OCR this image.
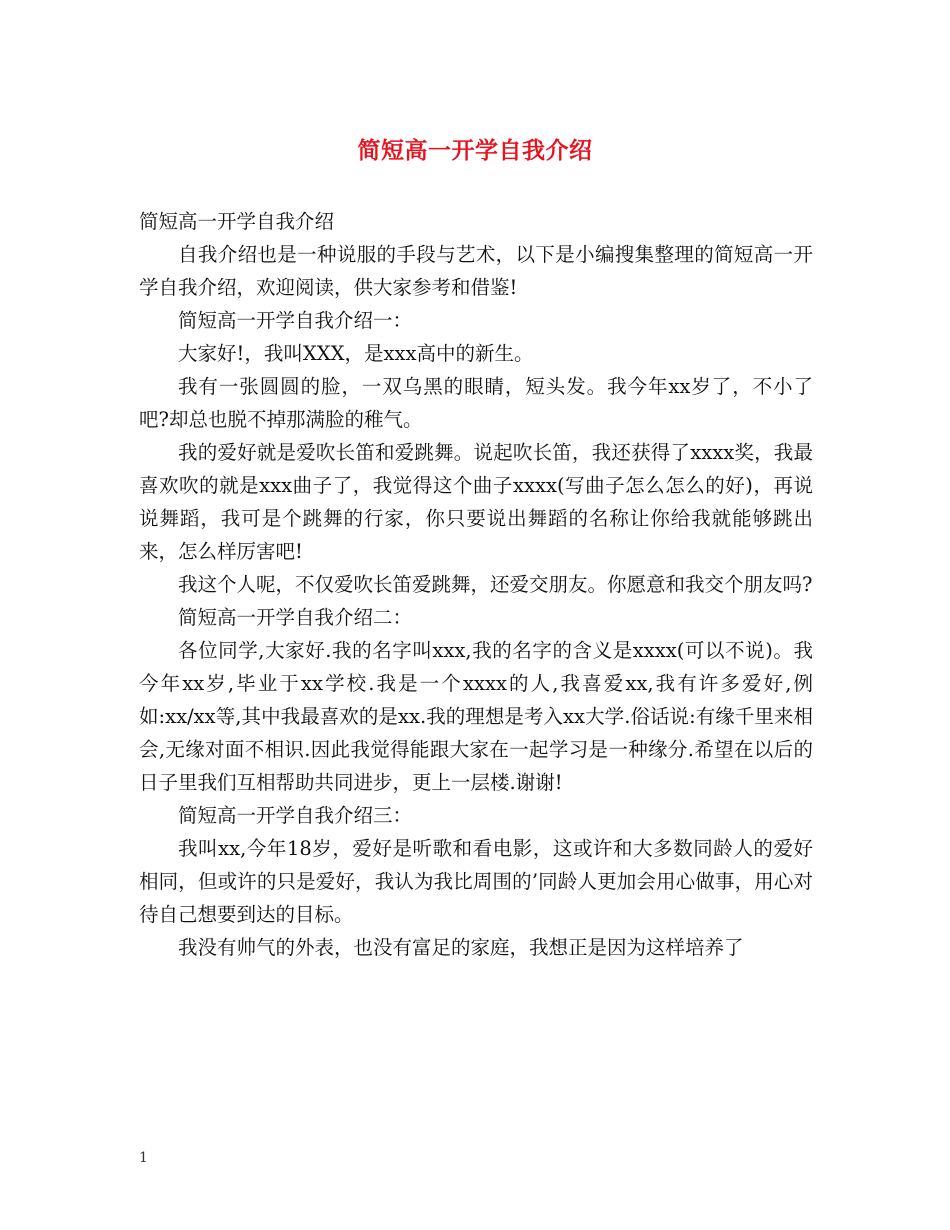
简短高一开学自我介绍

简短高一开学自我介绍

自我介绍也是一种说服的手段与艺术，以下是小编搜集整理的简短高一开学自我介绍，欢迎阅读，供大家参考和借鉴!

简短高一开学自我介绍一：

大家好!，我叫XXX，是xxx高中的新生。

我有一张圆圆的脸，一双乌黑的眼睛，短头发。我今年xx岁了，不小了吧?却总也脱不掉那满脸的稚气。

我的爱好就是爱吹长笛和爱跳舞。说起吹长笛，我还获得了xxxx奖，我最喜欢吹的就是xxx曲子了，我觉得这个曲子xxxx(写曲子怎么怎么的好)，再说说舞蹈，我可是个跳舞的行家，你只要说出舞蹈的名称让你给我就能够跳出来，怎么样厉害吧!

我这个人呢，不仅爱吹长笛爱跳舞，还爱交朋友。你愿意和我交个朋友吗?

简短高一开学自我介绍二：

各位同学,大家好.我的名字叫xxx,我的名字的含义是xxxx(可以不说)。我今年xx岁,毕业于xx学校.我是一个xxxx的人,我喜爱xx,我有许多爱好,例如:xx/xx等,其中我最喜欢的是xx.我的理想是考入xx大学.俗话说:有缘千里来相会,无缘对面不相识.因此我觉得能跟大家在一起学习是一种缘分.希望在以后的日子里我们互相帮助共同进步，更上一层楼.谢谢!

简短高一开学自我介绍三：

我叫xx,今年18岁，爱好是听歌和看电影，这或许和大多数同龄人的爱好相同，但或许的只是爱好，我认为我比周围的’同龄人更加会用心做事，用心对待自己想要到达的目标。

我没有帅气的外表，也没有富足的家庭，我想正是因为这样培养了

1
